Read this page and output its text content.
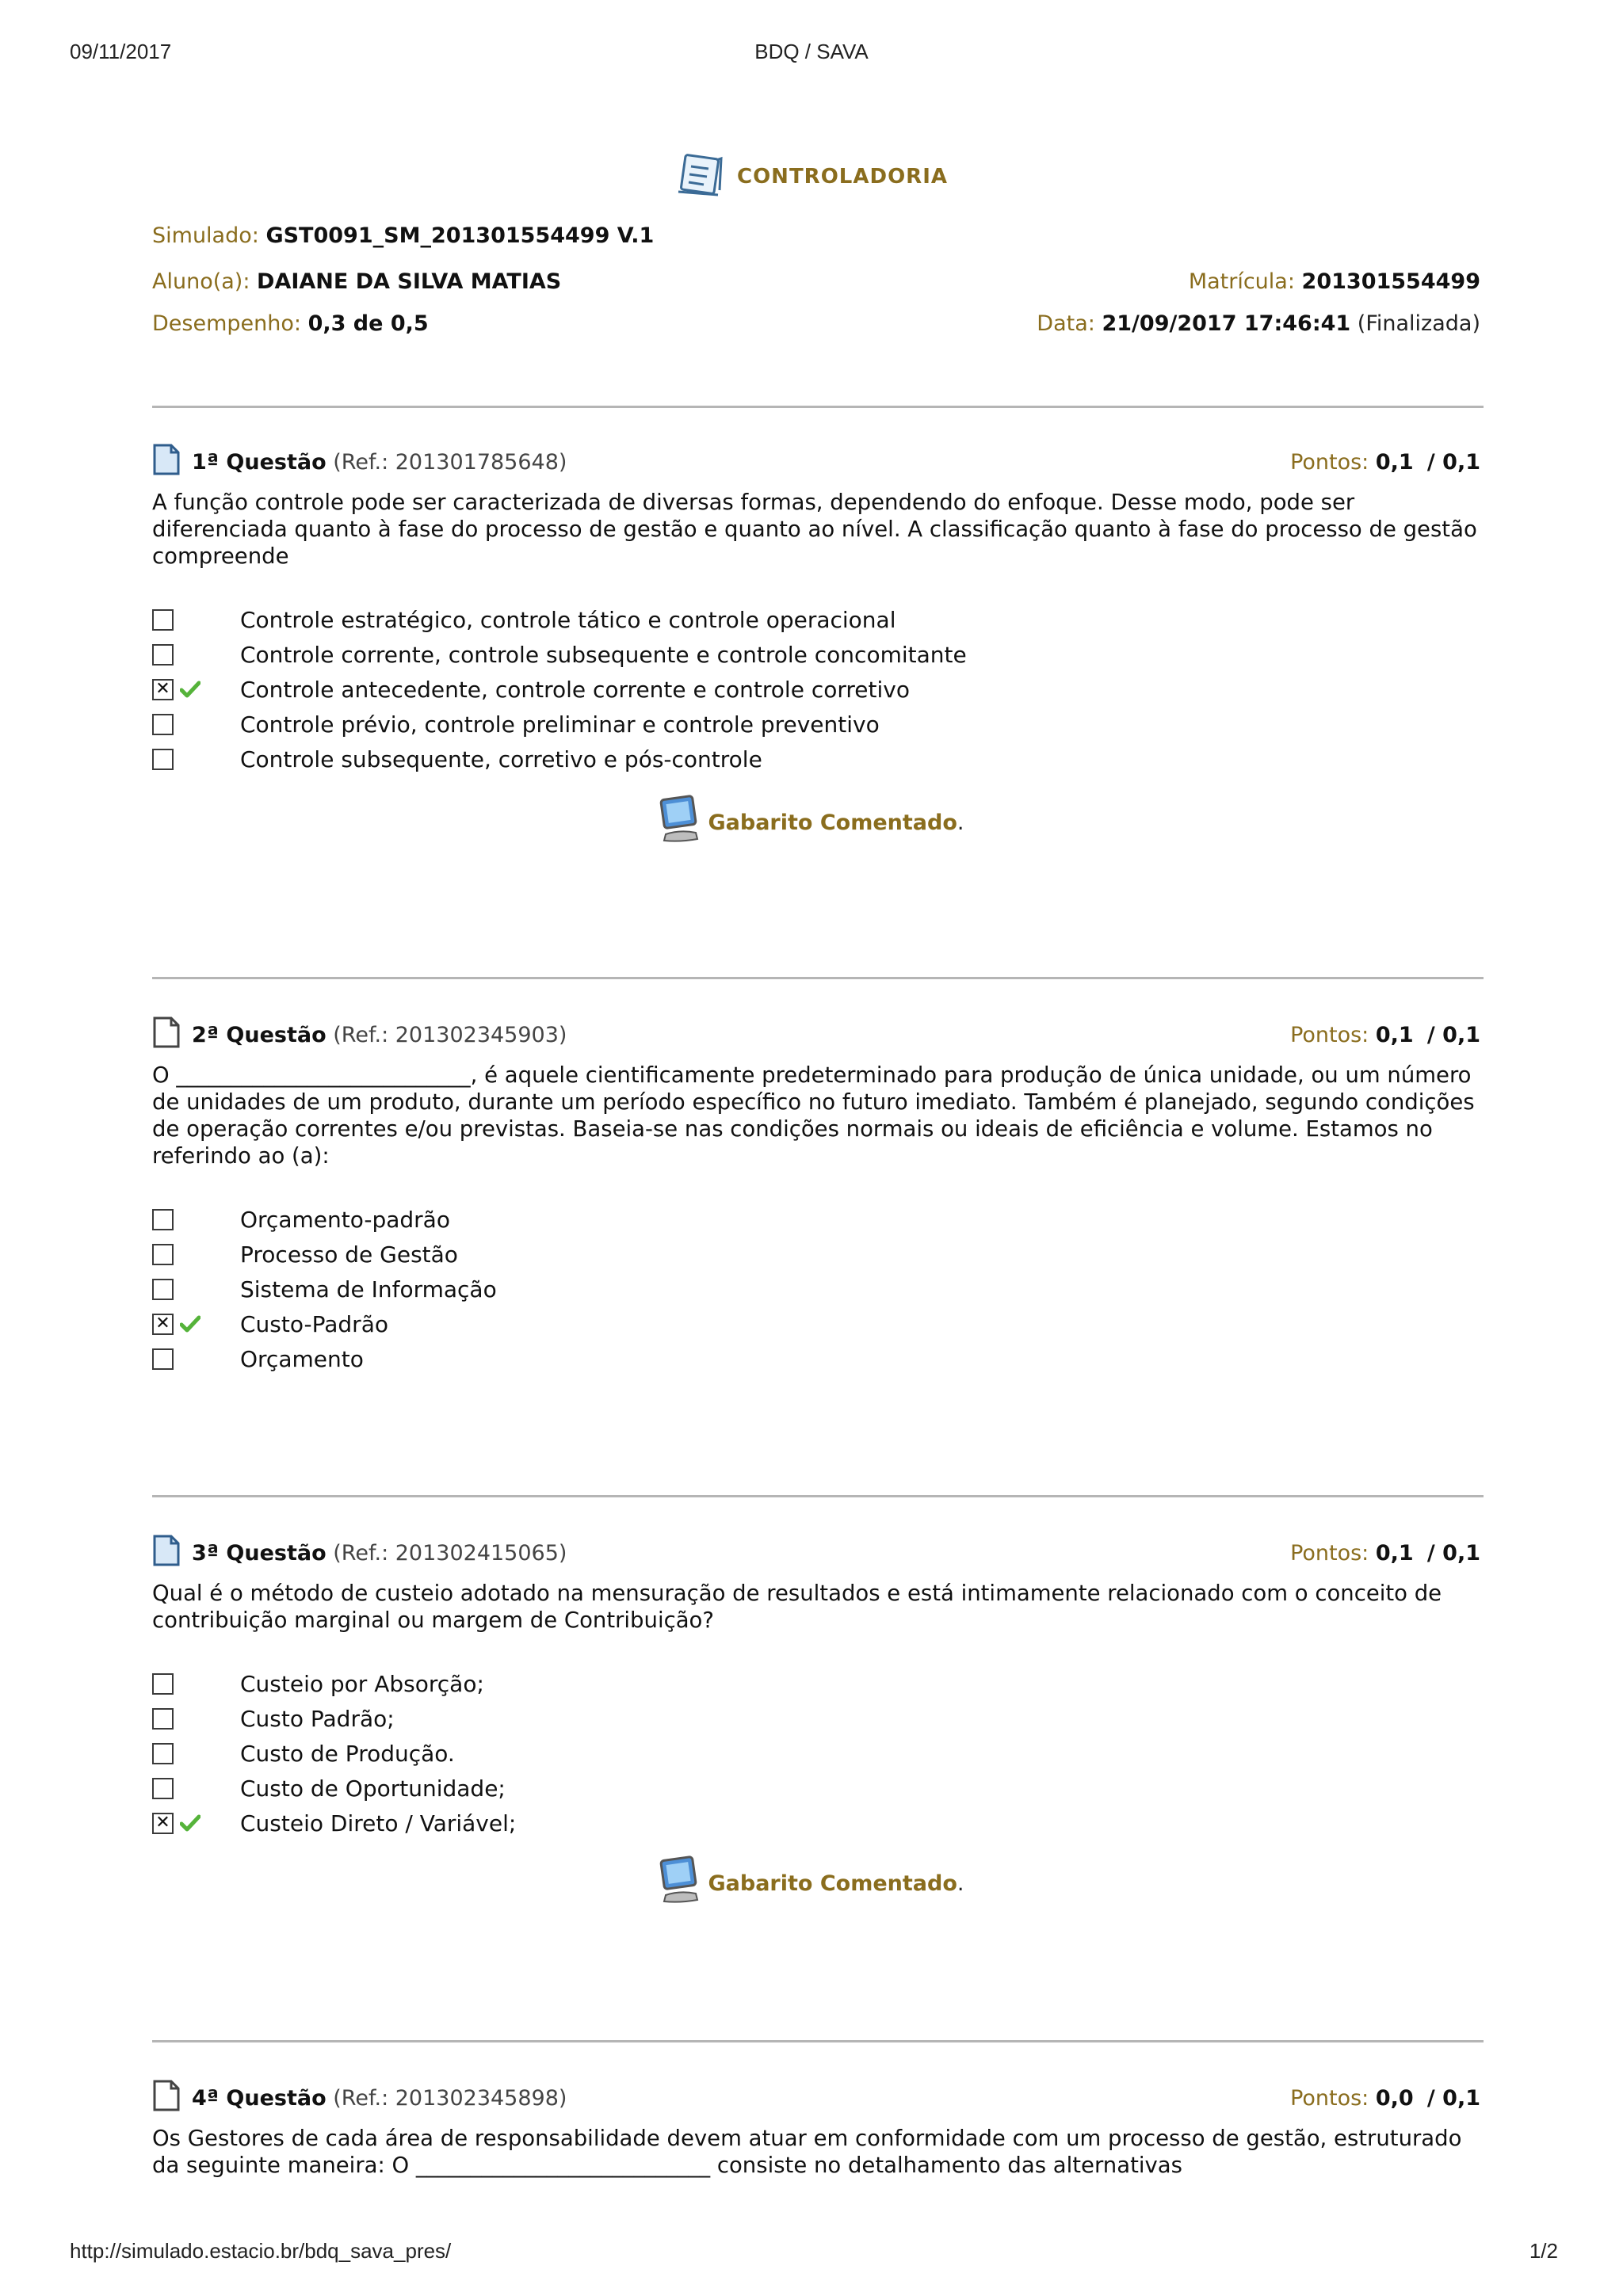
09/11/2017	BDQ / SAVA
CONTROLADORIA
Simulado: GST0091_SM_201301554499 V.1
Aluno(a): DAIANE DA SILVA MATIAS	Matrícula: 201301554499
Desempenho: 0,3 de 0,5	Data: 21/09/2017 17:46:41 (Finalizada)
1ª Questão (Ref.: 201301785648)	Pontos: 0,1 / 0,1

A função controle pode ser caracterizada de diversas formas, dependendo do enfoque. Desse modo, pode ser diferenciada quanto à fase do processo de gestão e quanto ao nível. A classificação quanto à fase do processo de gestão compreende

Controle estratégico, controle tático e controle operacional
Controle corrente, controle subsequente e controle concomitante
✕	Controle antecedente, controle corrente e controle corretivo
Controle prévio, controle preliminar e controle preventivo
Controle subsequente, corretivo e pós-controle
Gabarito Comentado.
2ª Questão (Ref.: 201302345903)	Pontos: 0,1 / 0,1

O ___________________________, é aquele cientificamente predeterminado para produção de única unidade, ou um número de unidades de um produto, durante um período específico no futuro imediato. Também é planejado, segundo condições de operação correntes e/ou previstas. Baseia-se nas condições normais ou ideais de eficiência e volume. Estamos no referindo ao (a):

Orçamento-padrão
Processo de Gestão
Sistema de Informação
✕	Custo-Padrão
Orçamento
3ª Questão (Ref.: 201302415065)	Pontos: 0,1 / 0,1

Qual é o método de custeio adotado na mensuração de resultados e está intimamente relacionado com o conceito de contribuição marginal ou margem de Contribuição?

Custeio por Absorção;
Custo Padrão;
Custo de Produção.
Custo de Oportunidade;
✕	Custeio Direto / Variável;
Gabarito Comentado.
4ª Questão (Ref.: 201302345898)	Pontos: 0,0 / 0,1

Os Gestores de cada área de responsabilidade devem atuar em conformidade com um processo de gestão, estruturado da seguinte maneira: O ___________________________ consiste no detalhamento das alternativas

http://simulado.estacio.br/bdq_sava_pres/	1/2
